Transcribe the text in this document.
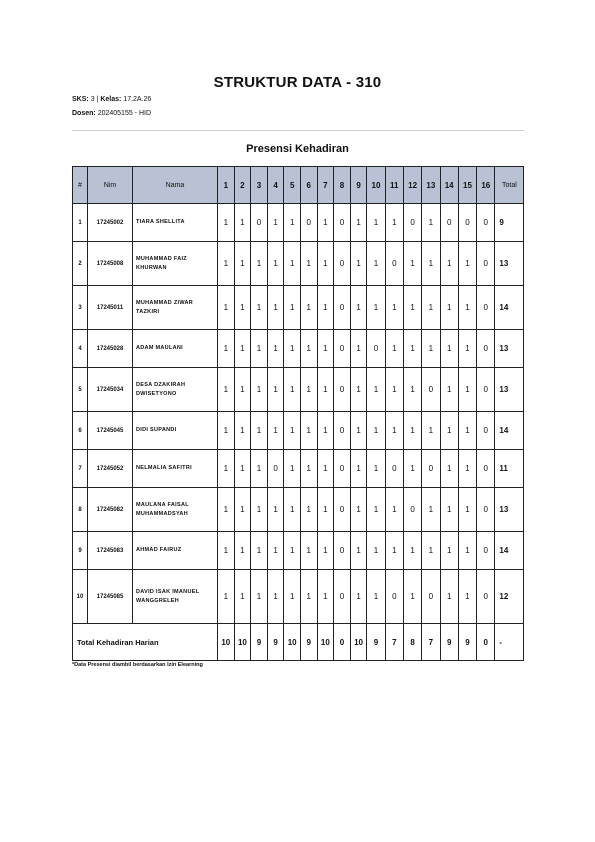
STRUKTUR DATA - 310
SKS: 3 | Kelas: 17.2A.26
Dosen: 202405155 - HID
Presensi Kehadiran
#	Nim	Nama	1	2	3	4	5	6	7	8	9	10	11	12	13	14	15	16	Total
1	17245002	TIARA SHELLITA	1	1	0	1	1	0	1	0	1	1	1	0	1	0	0	0	9
2	17245008	MUHAMMAD FAIZ KHURWAN	1	1	1	1	1	1	1	0	1	1	0	1	1	1	1	0	13
3	17245011	MUHAMMAD ZIWAR TAZKIRI	1	1	1	1	1	1	1	0	1	1	1	1	1	1	1	0	14
4	17245028	ADAM MAULANI	1	1	1	1	1	1	1	0	1	0	1	1	1	1	1	0	13
5	17245034	DESA DZAKIRAH DWISETYONO	1	1	1	1	1	1	1	0	1	1	1	1	0	1	1	0	13
6	17245045	DIDI SUPANDI	1	1	1	1	1	1	1	0	1	1	1	1	1	1	1	0	14
7	17245052	NELMALIA SAFITRI	1	1	1	0	1	1	1	0	1	1	0	1	0	1	1	0	11
8	17245082	MAULANA FAISAL MUHAMMADSYAH	1	1	1	1	1	1	1	0	1	1	1	0	1	1	1	0	13
9	17245083	AHMAD FAIRUZ	1	1	1	1	1	1	1	0	1	1	1	1	1	1	1	0	14
10	17245085	DAVID ISAK IMANUEL WANGGRELEH	1	1	1	1	1	1	1	0	1	1	0	1	0	1	1	0	12
Total Kehadiran Harian			10	10	9	9	10	9	10	0	10	9	7	8	7	9	9	0	-
*Data Presensi diambil berdasarkan Izin Elearning
